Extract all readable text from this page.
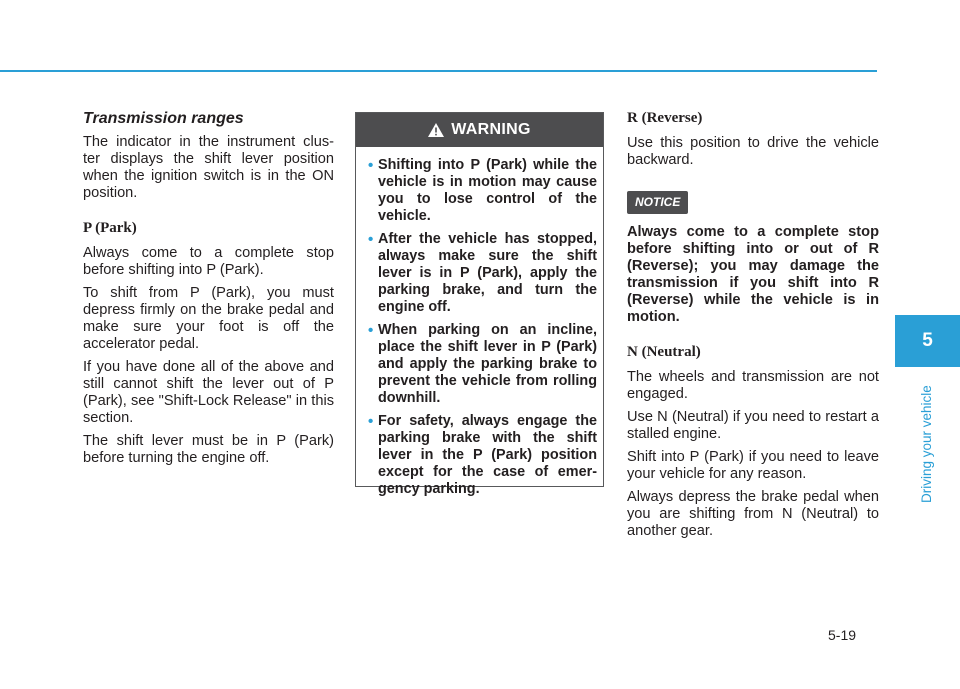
Transmission ranges

The indicator in the instrument clus- ter displays the shift lever position when the ignition switch is in the ON position.

P (Park)

Always come to a complete stop before shifting into P (Park).

To shift from P (Park), you must depress firmly on the brake pedal and make sure your foot is off the accelerator pedal.

If you have done all of the above and still cannot shift the lever out of P (Park), see "Shift-Lock Release" in this section.

The shift lever must be in P (Park) before turning the engine off.

WARNING
• Shifting into P (Park) while the vehicle is in motion may cause you to lose control of the vehicle.
• After the vehicle has stopped, always make sure the shift lever is in P (Park), apply the parking brake, and turn the engine off.
• When parking on an incline, place the shift lever in P (Park) and apply the parking brake to prevent the vehicle from rolling downhill.
• For safety, always engage the parking brake with the shift lever in the P (Park) position except for the case of emer- gency parking.
R (Reverse)

Use this position to drive the vehicle backward.

NOTICE

Always come to a complete stop before shifting into or out of R (Reverse); you may damage the transmission if you shift into R (Reverse) while the vehicle is in motion.

N (Neutral)

The wheels and transmission are not engaged.

Use N (Neutral) if you need to restart a stalled engine.

Shift into P (Park) if you need to leave your vehicle for any reason.

Always depress the brake pedal when you are shifting from N (Neutral) to another gear.

5
Driving your vehicle
5-19
